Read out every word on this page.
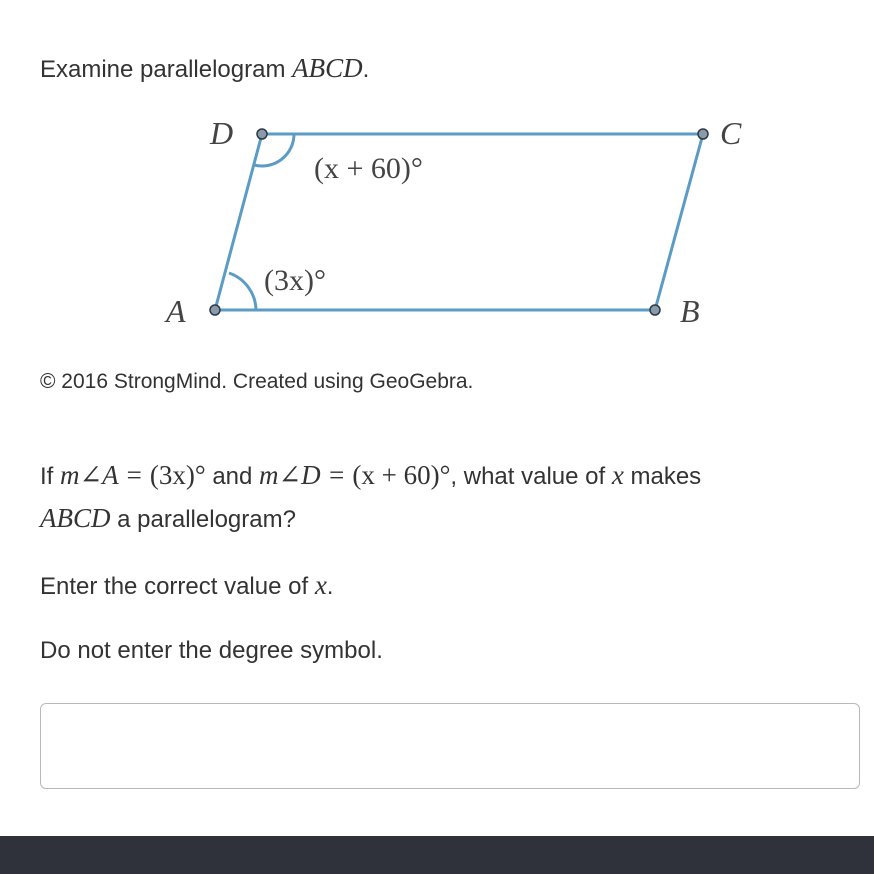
Examine parallelogram ABCD.
A	B
C
D
(x + 60)°
(3x)°
© 2016 StrongMind. Created using GeoGebra.
If m∠A = (3x)° and m∠D = (x + 60)°, what value of x makes
ABCD a parallelogram?
Enter the correct value of x.
Do not enter the degree symbol.
